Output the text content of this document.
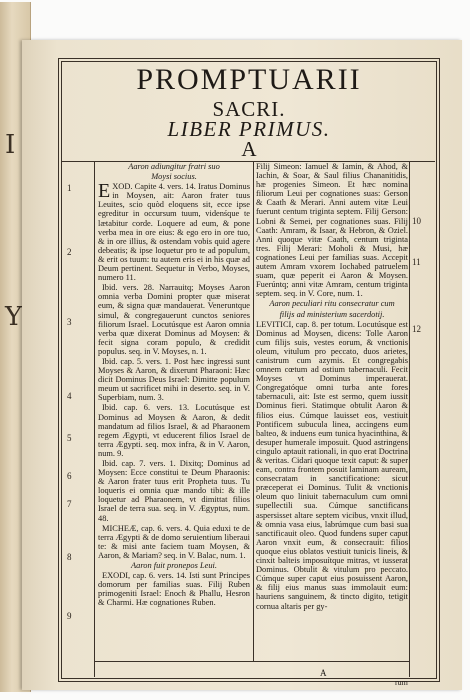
I
Y
PROMPTUARII
SACRI.
LIBER PRIMUS.
A
1
2
3
4
5
6
7
8
9
10
11
12

Aaron adiungitur fratri suo

Moysi socius.

EXOD. Capite 4. vers. 14. Iratus Dominus in Moysen, ait: Aaron frater tuus Leuites, scio quòd eloquens sit, ecce ipse egreditur in occursum tuum, videnśque te lætabitur corde. Loquere ad eum, & pone verba mea in ore eius: & ego ero in ore tuo, & in ore illius, & ostendam vobis quid agere debeatis; & ipse loquetur pro te ad populum, & erit os tuum: tu autem eris ei in his quæ ad Deum pertinent. Sequetur in Verbo, Moyses, numero 11.

Ibid. vers. 28. Narrauitq; Moyses Aaron omnia verba Domini propter quæ miserat eum, & signa quæ mandauerat. Veneruntque simul, & congregauerunt cunctos seniores filiorum Israel. Locutúsque est Aaron omnia verba quæ dixerat Dominus ad Moysen: & fecit signa coram populo, & credidit populus. seq. in V. Moyses, n. 1.

Ibid. cap. 5. vers. 1. Post hæc ingressi sunt Moyses & Aaron, & dixerunt Pharaoni: Hæc dicit Dominus Deus Israel: Dimitte populum meum ut sacrificet mihi in deserto. seq. in V. Superbiam, num. 3.

Ibid. cap. 6. vers. 13. Locutúsque est Dominus ad Moysen & Aaron, & dedit mandatum ad filios Israel, & ad Pharaonem regem Ægypti, vt educerent filios Israel de terra Ægypti. seq. mox infra, & in V. Aaron, num. 9.

Ibid. cap. 7. vers. 1. Dixitq; Dominus ad Moysen: Ecce constitui te Deum Pharaonis: & Aaron frater tuus erit Propheta tuus. Tu loqueris ei omnia quæ mando tibi: & ille loquetur ad Pharaonem, vt dimittat filios Israel de terra sua. seq. in V. Ægyptus, num. 48.

MICHEÆ, cap. 6. vers. 4. Quia eduxi te de terra Ægypti & de domo seruientium liberaui te: & misi ante faciem tuam Moysen, & Aaron, & Mariam? seq. in V. Balac, num. 1.

Aaron fuit pronepos Leui.

EXODI, cap. 6. vers. 14. Isti sunt Principes domorum per familias suas. Filij Ruben primogeniti Israel: Enoch & Phallu, Hesron & Charmi. Hæ cognationes Ruben.

Filij Simeon: Iamuel & Iamin, & Ahod, & Iachin, & Soar, & Saul filius Chananitidis, hæ progenies Simeon. Et hæc nomina filiorum Leui per cognationes suas: Gerson & Caath & Merari. Anni autem vitæ Leui fuerunt centum triginta septem. Filij Gerson: Lobni & Semei, per cognationes suas. Filij Caath: Amram, & Isaar, & Hebron, & Oziel. Anni quoque vitæ Caath, centum triginta tres. Filij Merari: Moholi & Musi, hæ cognationes Leui per familias suas. Accepit autem Amram vxorem Iochabed patruelem suam, quæ peperit ei Aaron & Moysen. Fuerúntq; anni vitæ Amram, centum triginta septem. seq. in V. Core, num. 1.

Aaron peculiari ritu consecratur cum

filijs ad ministerium sacerdotij.

LEVITICI, cap. 8. per totum. Locutúsque est Dominus ad Moysen, dicens: Tolle Aaron cum filijs suis, vestes eorum, & vnctionis oleum, vitulum pro peccato, duos arietes, canistrum cum azymis. Et congregabis omnem cœtum ad ostium tabernaculi. Fecit Moyses vt Dominus imperauerat. Congregatóque omni turba ante fores tabernaculi, ait: Iste est sermo, quem iussit Dominus fieri. Statimque obtulit Aaron & filios eius. Cúmque lauisset eos, vestiuit Pontificem subucula linea, accingens eum balteo, & induens eum tunica hyacinthina, & desuper humerale imposuit. Quod astringens cingulo aptauit rationali, in quo erat Doctrina & veritas. Cidari quoque texit caput: & super eam, contra frontem posuit laminam auream, consecratam in sanctificatione: sicut præceperat ei Dominus. Tulit & vnctionis oleum quo liniuit tabernaculum cum omni supellectili sua. Cúmque sanctificans aspersisset altare septem vicibus, vnxit illud, & omnia vasa eius, labrúmque cum basi sua sanctificauit oleo. Quod fundens super caput Aaron vnxit eum, & consecrauit: filios quoque eius oblatos vestiuit tunicis lineis, & cinxit balteis imposuítque mitras, vt iusserat Dominus. Obtulit & vitulum pro peccato. Cúmque super caput eius posuissent Aaron, & filij eius manus suas immolauit eum: hauriens sanguinem, & tincto digito, tetigit cornua altaris per gy-

A
rum
